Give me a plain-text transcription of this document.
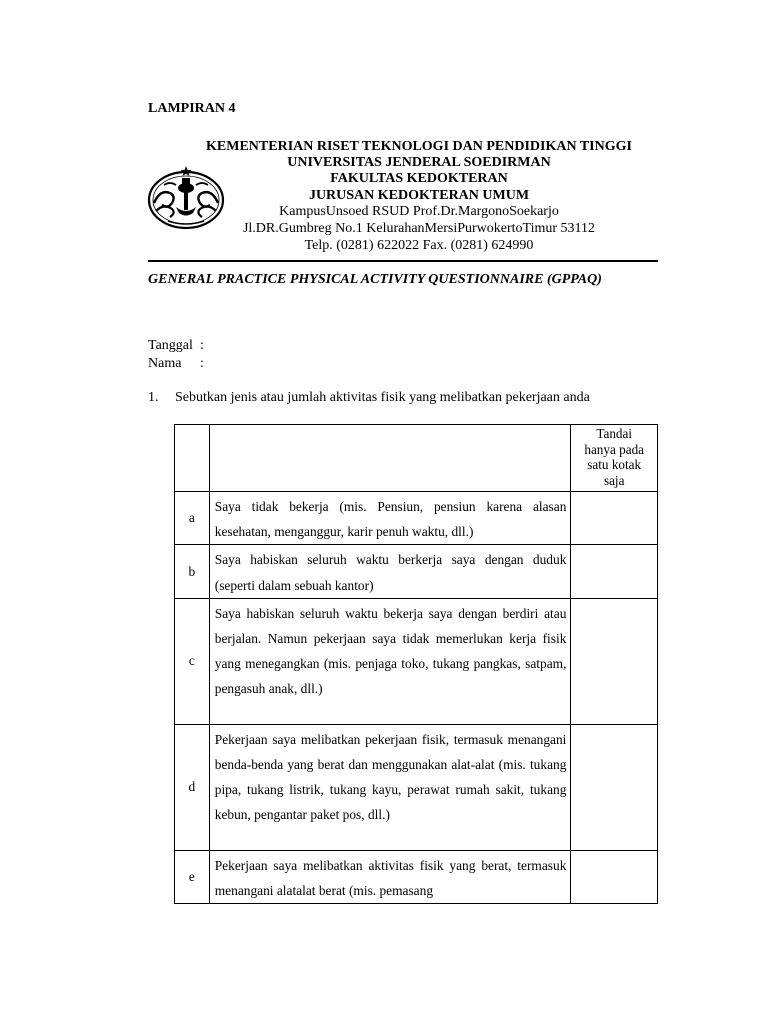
LAMPIRAN 4
KEMENTERIAN RISET TEKNOLOGI DAN PENDIDIKAN TINGGI
UNIVERSITAS JENDERAL SOEDIRMAN
FAKULTAS KEDOKTERAN
JURUSAN KEDOKTERAN UMUM
KampusUnsoed RSUD Prof.Dr.MargonoSoekarjo
Jl.DR.Gumbreg No.1 KelurahanMersiPurwokertoTimur 53112
Telp. (0281) 622022 Fax. (0281) 624990
GENERAL PRACTICE PHYSICAL ACTIVITY QUESTIONNAIRE (GPPAQ)
Tanggal :
Nama :
1. Sebutkan jenis atau jumlah aktivitas fisik yang melibatkan pekerjaan anda

		Tandai
hanya pada
satu kotak
saja

a	Saya tidak bekerja (mis. Pensiun, pensiun karena alasan kesehatan, menganggur, karir penuh waktu, dll.)	
b	Saya habiskan seluruh waktu berkerja saya dengan duduk (seperti dalam sebuah kantor)	
c	Saya habiskan seluruh waktu bekerja saya dengan berdiri atau berjalan. Namun pekerjaan saya tidak memerlukan kerja fisik yang menegangkan (mis. penjaga toko, tukang pangkas, satpam, pengasuh anak, dll.)	
d	Pekerjaan saya melibatkan pekerjaan fisik, termasuk menangani benda-benda yang berat dan menggunakan alat-alat (mis. tukang pipa, tukang listrik, tukang kayu, perawat rumah sakit, tukang kebun, pengantar paket pos, dll.)	
e	Pekerjaan saya melibatkan aktivitas fisik yang berat, termasuk menangani alatalat berat (mis. pemasang	
